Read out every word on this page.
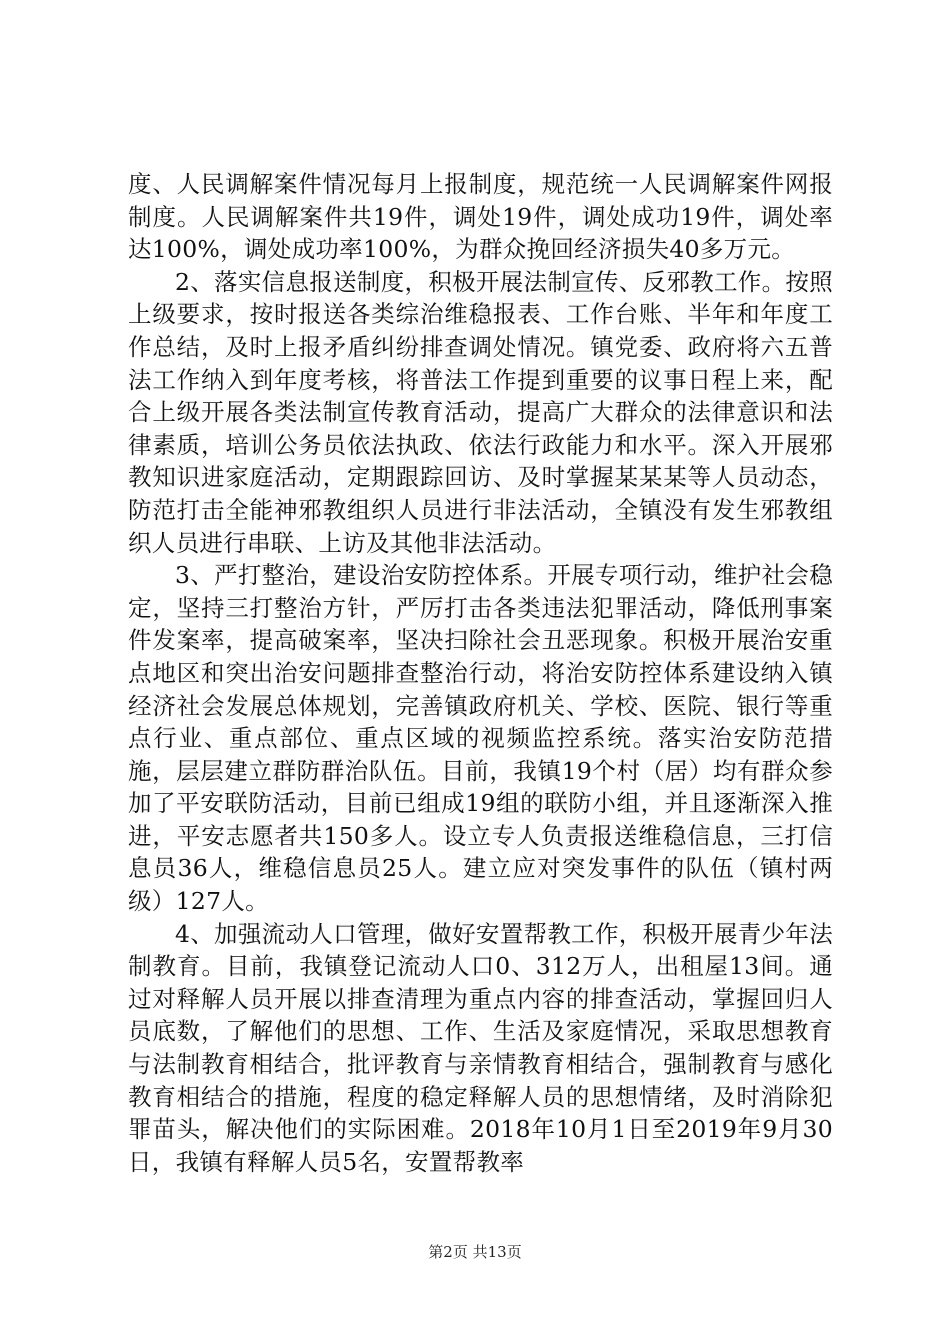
度、人民调解案件情况每月上报制度，规范统一人民调解案件网报制度。人民调解案件共19件，调处19件，调处成功19件，调处率达100%，调处成功率100%，为群众挽回经济损失40多万元。

2、落实信息报送制度，积极开展法制宣传、反邪教工作。按照上级要求，按时报送各类综治维稳报表、工作台账、半年和年度工作总结，及时上报矛盾纠纷排查调处情况。镇党委、政府将六五普法工作纳入到年度考核，将普法工作提到重要的议事日程上来，配合上级开展各类法制宣传教育活动，提高广大群众的法律意识和法律素质，培训公务员依法执政、依法行政能力和水平。深入开展邪教知识进家庭活动，定期跟踪回访、及时掌握某某某等人员动态，防范打击全能神邪教组织人员进行非法活动，全镇没有发生邪教组织人员进行串联、上访及其他非法活动。

3、严打整治，建设治安防控体系。开展专项行动，维护社会稳定，坚持三打整治方针，严厉打击各类违法犯罪活动，降低刑事案件发案率，提高破案率，坚决扫除社会丑恶现象。积极开展治安重点地区和突出治安问题排查整治行动，将治安防控体系建设纳入镇经济社会发展总体规划，完善镇政府机关、学校、医院、银行等重点行业、重点部位、重点区域的视频监控系统。落实治安防范措施，层层建立群防群治队伍。目前，我镇19个村（居）均有群众参加了平安联防活动，目前已组成19组的联防小组，并且逐渐深入推进，平安志愿者共150多人。设立专人负责报送维稳信息，三打信息员36人，维稳信息员25人。建立应对突发事件的队伍（镇村两级）127人。

4、加强流动人口管理，做好安置帮教工作，积极开展青少年法制教育。目前，我镇登记流动人口0、312万人，出租屋13间。通过对释解人员开展以排查清理为重点内容的排查活动，掌握回归人员底数，了解他们的思想、工作、生活及家庭情况，采取思想教育与法制教育相结合，批评教育与亲情教育相结合，强制教育与感化教育相结合的措施，程度的稳定释解人员的思想情绪，及时消除犯罪苗头，解决他们的实际困难。2018年10月1日至2019年9月30日，我镇有释解人员5名，安置帮教率

第2页 共13页
